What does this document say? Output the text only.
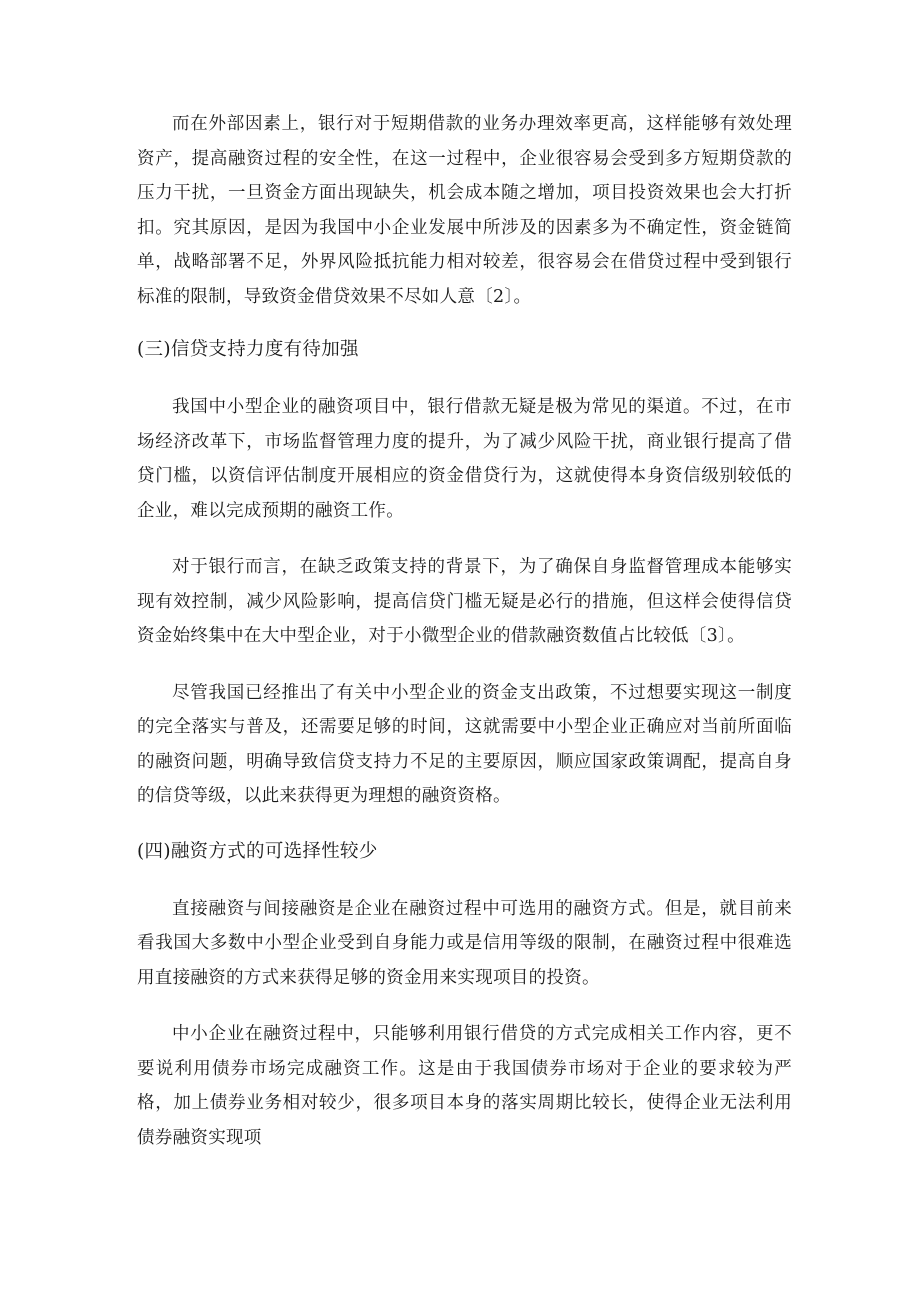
而在外部因素上，银行对于短期借款的业务办理效率更高，这样能够有效处理资产，提高融资过程的安全性，在这一过程中，企业很容易会受到多方短期贷款的压力干扰，一旦资金方面出现缺失，机会成本随之增加，项目投资效果也会大打折扣。究其原因，是因为我国中小企业发展中所涉及的因素多为不确定性，资金链简单，战略部署不足，外界风险抵抗能力相对较差，很容易会在借贷过程中受到银行标准的限制，导致资金借贷效果不尽如人意〔2〕。

(三)信贷支持力度有待加强

我国中小型企业的融资项目中，银行借款无疑是极为常见的渠道。不过，在市场经济改革下，市场监督管理力度的提升，为了减少风险干扰，商业银行提高了借贷门槛，以资信评估制度开展相应的资金借贷行为，这就使得本身资信级别较低的企业，难以完成预期的融资工作。

对于银行而言，在缺乏政策支持的背景下，为了确保自身监督管理成本能够实现有效控制，减少风险影响，提高信贷门槛无疑是必行的措施，但这样会使得信贷资金始终集中在大中型企业，对于小微型企业的借款融资数值占比较低〔3〕。

尽管我国已经推出了有关中小型企业的资金支出政策，不过想要实现这一制度的完全落实与普及，还需要足够的时间，这就需要中小型企业正确应对当前所面临的融资问题，明确导致信贷支持力不足的主要原因，顺应国家政策调配，提高自身的信贷等级，以此来获得更为理想的融资资格。

(四)融资方式的可选择性较少

直接融资与间接融资是企业在融资过程中可选用的融资方式。但是，就目前来看我国大多数中小型企业受到自身能力或是信用等级的限制，在融资过程中很难选用直接融资的方式来获得足够的资金用来实现项目的投资。

中小企业在融资过程中，只能够利用银行借贷的方式完成相关工作内容，更不要说利用债券市场完成融资工作。这是由于我国债券市场对于企业的要求较为严格，加上债券业务相对较少，很多项目本身的落实周期比较长，使得企业无法利用债券融资实现项
